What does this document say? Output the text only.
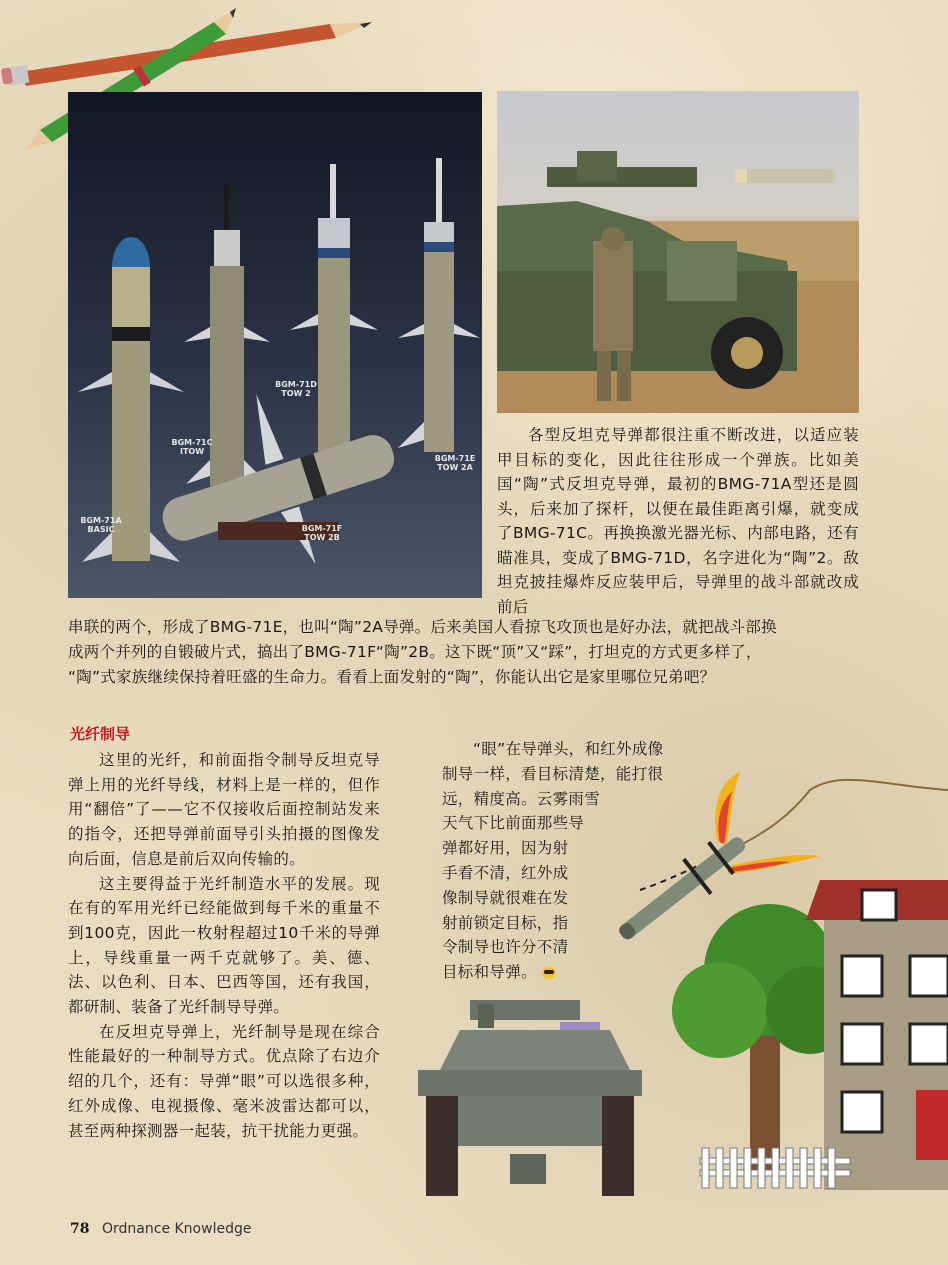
BGM-71A BASIC
BGM-71C ITOW
BGM-71D TOW 2
BGM-71E TOW 2A
BGM-71F TOW 2B

各型反坦克导弹都很注重不断改进，以适应装甲目标的变化，因此往往形成一个弹族。比如美国“陶”式反坦克导弹，最初的BMG-71A型还是圆头，后来加了探杆，以便在最佳距离引爆，就变成了BMG-71C。再换换激光器光标、内部电路，还有瞄准具，变成了BMG-71D，名字进化为“陶”2。敌坦克披挂爆炸反应装甲后，导弹里的战斗部就改成前后

串联的两个，形成了BMG-71E，也叫“陶”2A导弹。后来美国人看掠飞攻顶也是好办法，就把战斗部换
成两个并列的自锻破片式，搞出了BMG-71F“陶”2B。这下既“顶”又“踩”，打坦克的方式更多样了，
“陶”式家族继续保持着旺盛的生命力。看看上面发射的“陶”，你能认出它是家里哪位兄弟吧？
光纤制导

这里的光纤，和前面指令制导反坦克导弹上用的光纤导线，材料上是一样的，但作用“翻倍”了——它不仅接收后面控制站发来的指令，还把导弹前面导引头拍摄的图像发向后面，信息是前后双向传输的。

这主要得益于光纤制造水平的发展。现在有的军用光纤已经能做到每千米的重量不到100克，因此一枚射程超过10千米的导弹上，导线重量一两千克就够了。美、德、法、以色利、日本、巴西等国，还有我国，都研制、装备了光纤制导导弹。

在反坦克导弹上，光纤制导是现在综合性能最好的一种制导方式。优点除了右边介绍的几个，还有：导弹“眼”可以选很多种，红外成像、电视摄像、毫米波雷达都可以，甚至两种探测器一起装，抗干扰能力更强。

“眼”在导弹头，和红外成像
制导一样，看目标清楚，能打很
远，精度高。云雾雨雪
天气下比前面那些导
弹都好用，因为射
手看不清，红外成
像制导就很难在发
射前锁定目标，指
令制导也许分不清
目标和导弹。
78 Ordnance Knowledge
